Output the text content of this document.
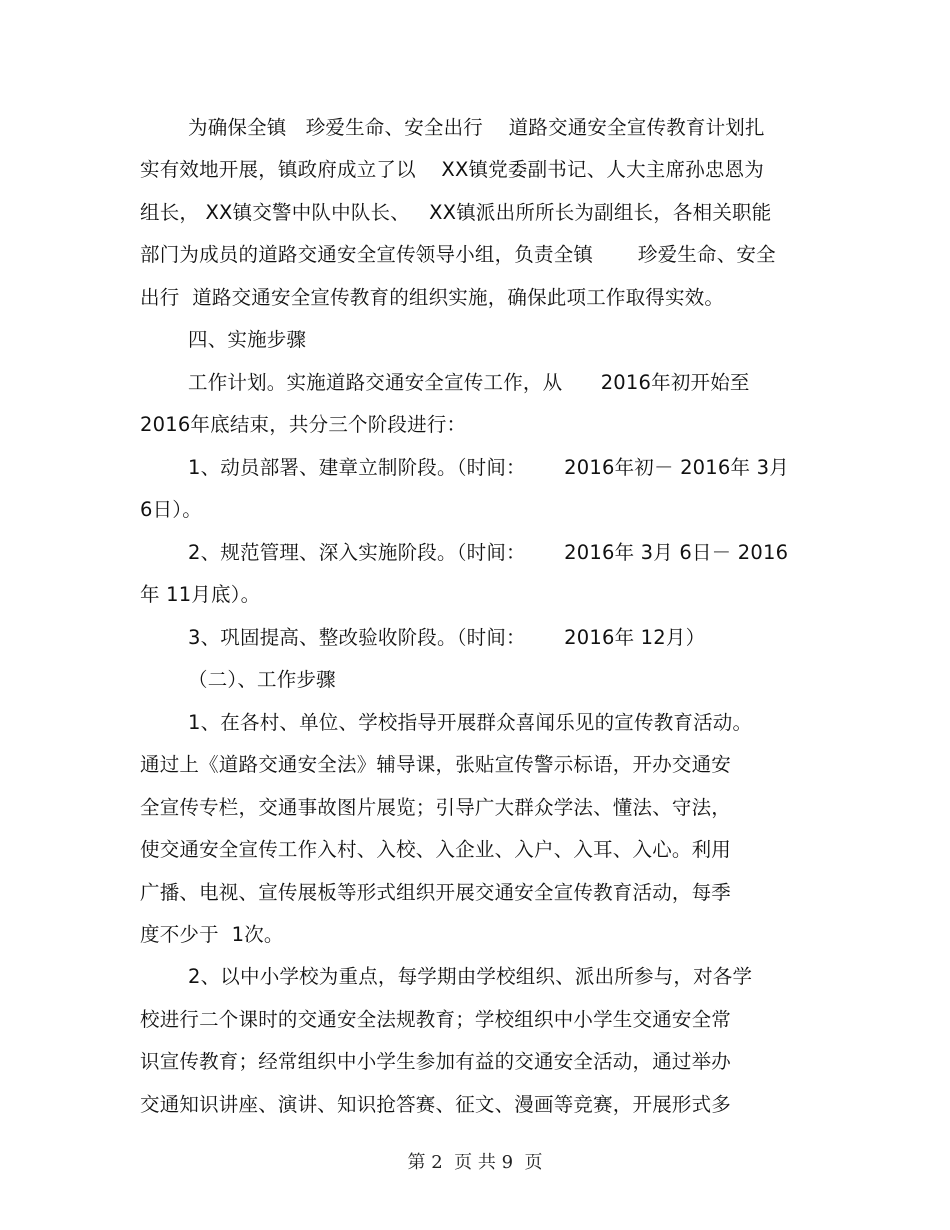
为确保全镇   珍爱生命、安全出行    道路交通安全宣传教育计划扎
实有效地开展，镇政府成立了以    XX镇党委副书记、人大主席孙忠恩为
组长， XX镇交警中队中队长、   XX镇派出所所长为副组长，各相关职能
部门为成员的道路交通安全宣传领导小组，负责全镇       珍爱生命、安全
出行  道路交通安全宣传教育的组织实施，确保此项工作取得实效。
四、实施步骤
工作计划。实施道路交通安全宣传工作，从      2016年初开始至
2016年底结束，共分三个阶段进行：
1、动员部署、建章立制阶段。（时间：      2016年初－ 2016年 3月
6日）。
2、规范管理、深入实施阶段。（时间：      2016年 3月 6日－ 2016
年 11月底）。
3、巩固提高、整改验收阶段。（时间：      2016年 12月）
（二）、工作步骤
1、在各村、单位、学校指导开展群众喜闻乐见的宣传教育活动。
通过上《道路交通安全法》辅导课，张贴宣传警示标语，开办交通安
全宣传专栏，交通事故图片展览；引导广大群众学法、懂法、守法，
使交通安全宣传工作入村、入校、入企业、入户、入耳、入心。利用
广播、电视、宣传展板等形式组织开展交通安全宣传教育活动，每季
度不少于  1次。
2、以中小学校为重点，每学期由学校组织、派出所参与，对各学
校进行二个课时的交通安全法规教育；学校组织中小学生交通安全常
识宣传教育；经常组织中小学生参加有益的交通安全活动，通过举办
交通知识讲座、演讲、知识抢答赛、征文、漫画等竞赛，开展形式多
第 2  页 共 9  页
